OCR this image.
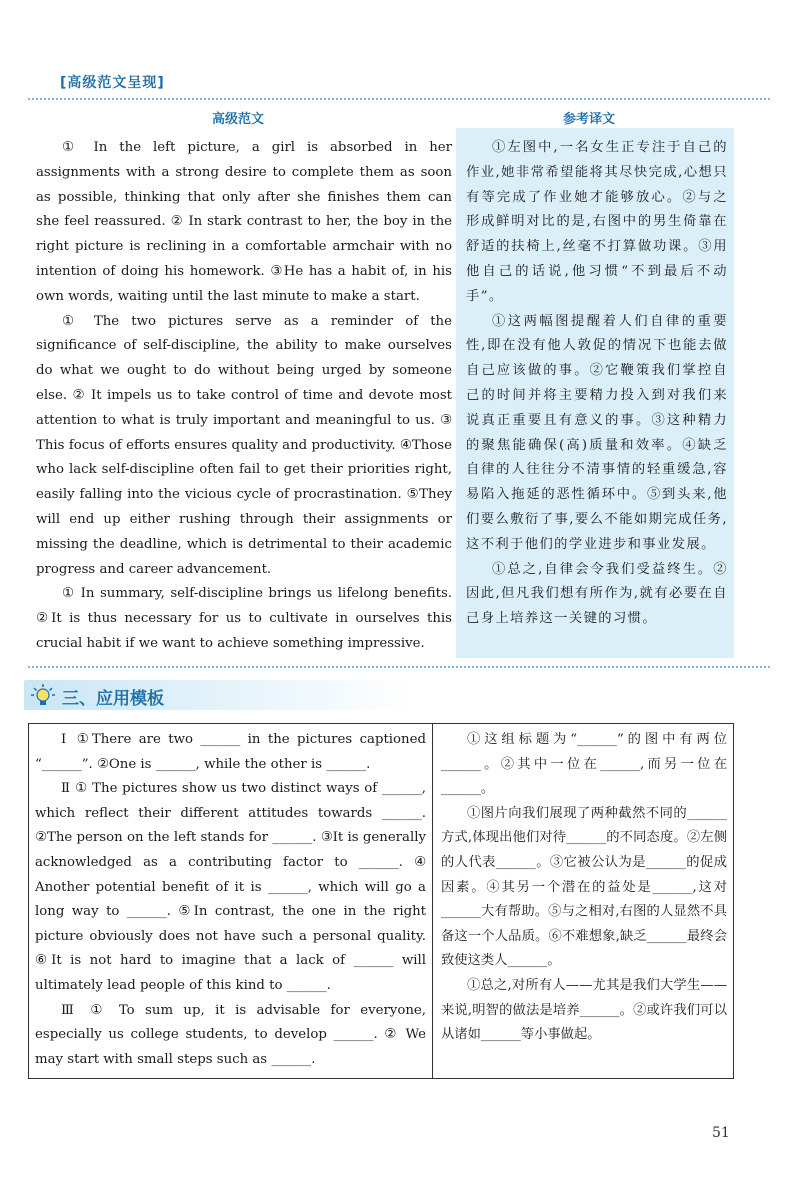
[高级范文呈现]
高级范文	参考译文

① In the left picture, a girl is absorbed in her assignments with a strong desire to complete them as soon as possible, thinking that only after she finishes them can she feel reassured. ② In stark contrast to her, the boy in the right picture is reclining in a comfortable armchair with no intention of doing his homework. ③He has a habit of, in his own words, waiting until the last minute to make a start.

① The two pictures serve as a reminder of the significance of self-discipline, the ability to make ourselves do what we ought to do without being urged by someone else. ② It impels us to take control of time and devote most attention to what is truly important and meaningful to us. ③ This focus of efforts ensures quality and productivity. ④Those who lack self-discipline often fail to get their priorities right, easily falling into the vicious cycle of procrastination. ⑤They will end up either rushing through their assignments or missing the deadline, which is detrimental to their academic progress and career advancement.

① In summary, self-discipline brings us lifelong benefits. ②It is thus necessary for us to cultivate in ourselves this crucial habit if we want to achieve something impressive.

①左图中,一名女生正专注于自己的作业,她非常希望能将其尽快完成,心想只有等完成了作业她才能够放心。②与之形成鲜明对比的是,右图中的男生倚靠在舒适的扶椅上,丝毫不打算做功课。③用他自己的话说,他习惯“不到最后不动手”。

①这两幅图提醒着人们自律的重要性,即在没有他人敦促的情况下也能去做自己应该做的事。②它鞭策我们掌控自己的时间并将主要精力投入到对我们来说真正重要且有意义的事。③这种精力的聚焦能确保(高)质量和效率。④缺乏自律的人往往分不清事情的轻重缓急,容易陷入拖延的恶性循环中。⑤到头来,他们要么敷衍了事,要么不能如期完成任务,这不利于他们的学业进步和事业发展。

①总之,自律会令我们受益终生。②因此,但凡我们想有所作为,就有必要在自己身上培养这一关键的习惯。

三、应用模板

Ⅰ ①There are two ______ in the pictures captioned “______”. ②One is ______, while the other is ______.

Ⅱ ① The pictures show us two distinct ways of ______, which reflect their different attitudes towards ______. ②The person on the left stands for ______. ③It is generally acknowledged as a contributing factor to ______. ④ Another potential benefit of it is ______, which will go a long way to ______. ⑤In contrast, the one in the right picture obviously does not have such a personal quality. ⑥It is not hard to imagine that a lack of ______ will ultimately lead people of this kind to ______.

Ⅲ ① To sum up, it is advisable for everyone, especially us college students, to develop ______. ② We may start with small steps such as ______.

①这组标题为“______”的图中有两位______。②其中一位在______,而另一位在______。

①图片向我们展现了两种截然不同的______方式,体现出他们对待______的不同态度。②左侧的人代表______。③它被公认为是______的促成因素。④其另一个潜在的益处是______,这对______大有帮助。⑤与之相对,右图的人显然不具备这一个人品质。⑥不难想象,缺乏______最终会致使这类人______。

①总之,对所有人——尤其是我们大学生——来说,明智的做法是培养______。②或许我们可以从诸如______等小事做起。

51
